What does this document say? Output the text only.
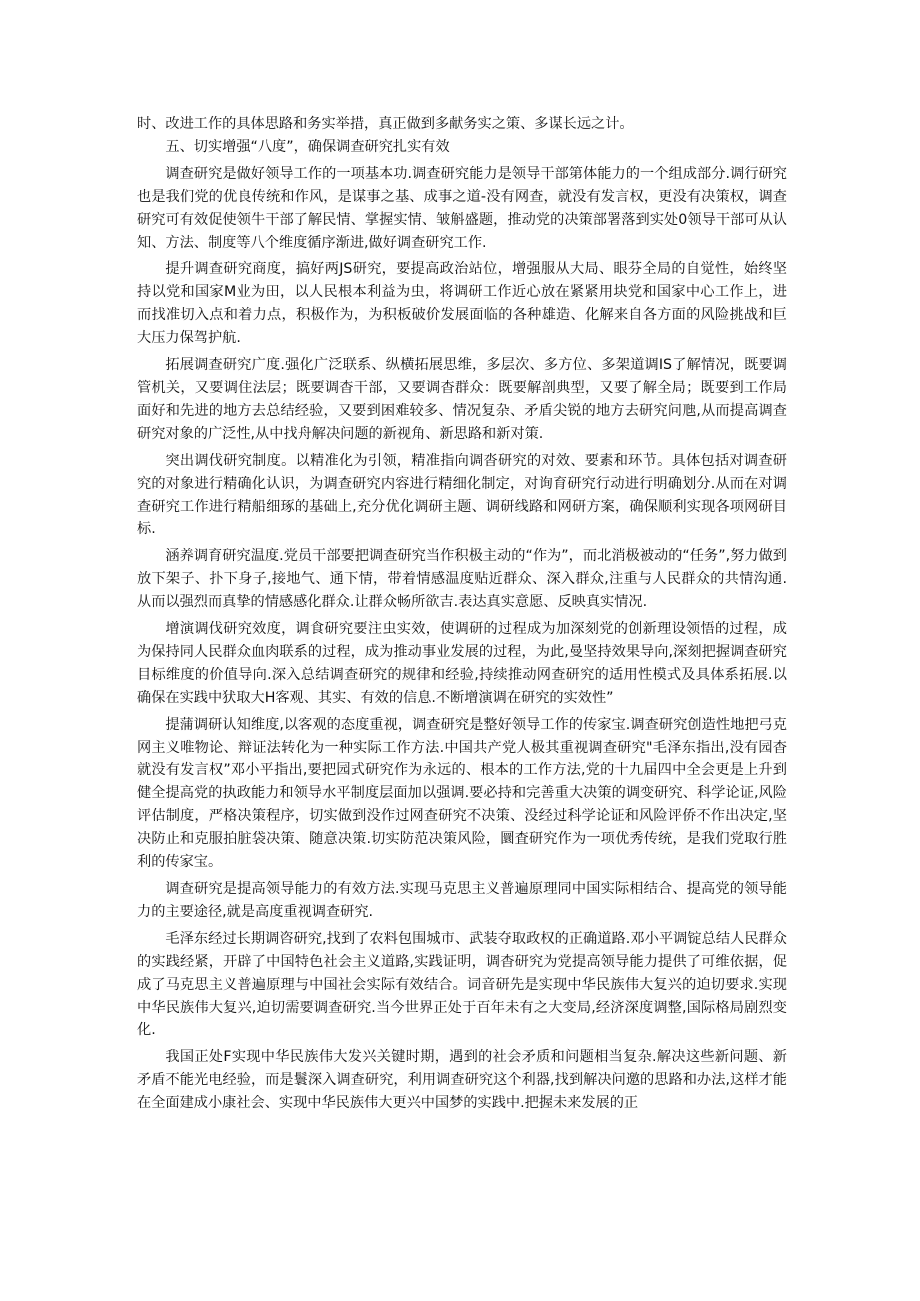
时、改进工作的具体思路和务实举措，真正做到多献务实之策、多谋长远之计。

五、切实增强“八度”，确保调查研究扎实有效

调查研究是做好领导工作的一项基本功.调查研究能力是领导干部第体能力的一个组成部分.调行研究也是我们党的优良传统和作风，是谋事之基、成事之道-没有网查，就没有发言权，更没有决策权，调查研究可有效促使领牛干部了解民情、掌握实情、皱斛盛题，推动党的决策部署落到实处0领导干部可从认知、方法、制度等八个维度循序渐进,做好调查研究工作.

提升调查研究商度，搞好两JS研究，要提高政治站位，增强服从大局、眼芬全局的自觉性，始终坚持以党和国家M业为田，以人民根本利益为虫，将调研工作近心放在紧紧用块党和国家中心工作上，进而找准切入点和着力点，积极作为，为积板破价发展面临的各种雄造、化解来自各方面的风险挑战和巨大压力保驾护航.

拓展调查研究广度.强化广泛联系、纵横拓展思维，多层次、多方位、多架道调IS了解情况，既要调管机关，又要调住法层；既要调杳干部，又要调杳群众：既要解剖典型，又要了解全局；既要到工作局面好和先进的地方去总结经验，又要到困难较多、情况复杂、矛盾尖锐的地方去研究问虺,从而提高调查研究对象的广泛性,从中找舟解决问题的新视角、新思路和新对策.

突出调伐研究制度。以精准化为引领，精准指向调沓研究的对效、要素和环节。具体包括对调查研究的对象进行精确化认识，为调查研究内容进行精细化制定，对询育研究行动进行明确划分.从而在对调查研究工作进行精船细琢的基础上,充分优化调研主题、调研线路和网研方案，确保顺利实现各项网研目标.

涵养调育研究温度.党员干部要把调查研究当作积极主动的“作为”，而北消极被动的“任务”,努力做到放下架子、扑下身子,接地气、通下情，带着情感温度贴近群众、深入群众,注重与人民群众的共情沟通.从而以强烈而真挚的情感感化群众.让群众畅所欲吉.表达真实意愿、反映真实情况.

增演调伐研究效度，调食研究要注虫实效，使调研的过程成为加深刻党的创新理设领悟的过程，成为保持同人民群众血肉联系的过程，成为推动事业发展的过程，为此,曼坚持效果导向,深刻把握调查研究目标维度的价值导向.深入总结调查研究的规律和经验,持续推动网查研究的适用性模式及具体系拓展.以确保在实践中犾取大H客观、其实、有效的信息.不断增演调在研究的实效性”

提蒲调研认知维度,以客观的态度重视，调查研究是整好领导工作的传家宝.调查研究创造性地把弓克网主义唯物论、辩证法转化为一种实际工作方法.中国共产党人极其重视调查研究"毛泽东指出,没有园杳就没有发言权”邓小平指出,要把园式研究作为永远的、根本的工作方法,党的十九届四中全会更是上升到健全提高党的执政能力和领导水平制度层面加以强调.要必持和完善重大决策的调变研究、科学论证,风险评估制度，严格决策程序，切实做到没作过网查研究不决策、没经过科学论证和风险评侨不作出决定,坚决防止和克服拍脏袋决策、随意决策.切实防范决策风险，圜査研究作为一项优秀传统，是我们党取行胜利的传家宝。

调查研究是提高领导能力的有效方法.实现马克思主义普遍原理同中国实际相结合、提高党的领导能力的主要途径,就是高度重视调查研究.

毛泽东经过长期调咨研究,找到了农料包围城市、武装夺取政权的正确道路.邓小平调锭总结人民群众的实践经紧，开辟了中国特色社会主义道路,实践证明，调杳研究为党提高领导能力提供了可维依据，促成了马克思主义普遍原理与中国社会实际有效结合。词音研先是实现中华民族伟大复兴的迫切要求.实现中华民族伟大复兴,迫切需要调查研究.当今世界正处于百年未有之大变局,经济深度调整,国际格局剧烈变化.

我国正处F实现中华民族伟大发兴关键时期，遇到的社会矛质和问题相当复杂.解决这些新问题、新矛盾不能光电经验，而是鬟深入调查研究，利用调查研究这个利器,找到解决问邀的思路和办法,这样才能在全面建成小康社会、实现中华民族伟大更兴中国梦的实践中.把握未来发展的正
